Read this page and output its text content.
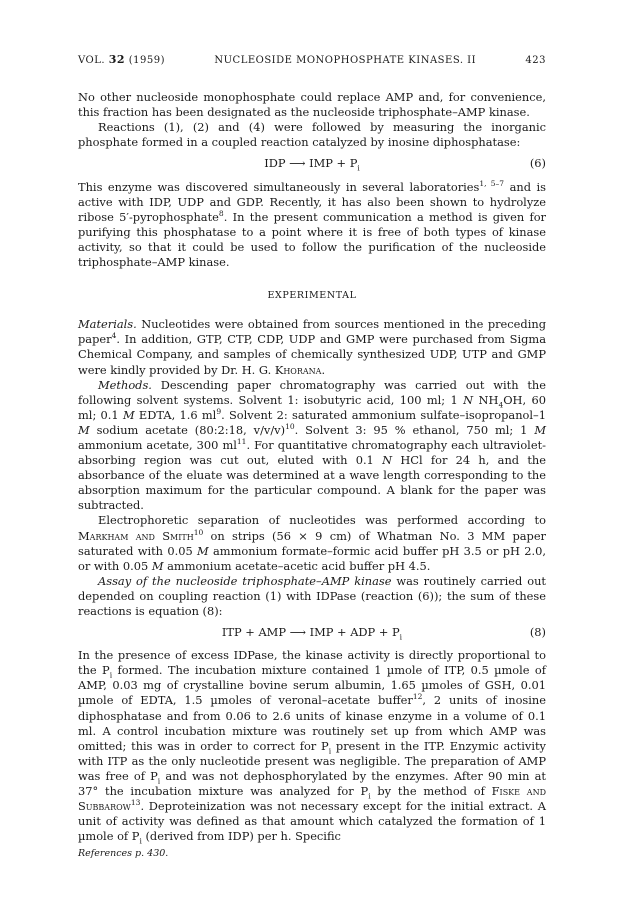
VOL. 32 (1959)	NUCLEOSIDE MONOPHOSPHATE KINASES. II	423

No other nucleoside monophosphate could replace AMP and, for convenience, this fraction has been designated as the nucleoside triphosphate–AMP kinase.

Reactions (1), (2) and (4) were followed by measuring the inorganic phosphate formed in a coupled reaction catalyzed by inosine diphosphatase:

IDP ⟶ IMP + $P_i$	(6)

This enzyme was discovered simultaneously in several laboratories$^{1, 5-7}$ and is active with IDP, UDP and GDP. Recently, it has also been shown to hydrolyze ribose 5′-pyrophosphate$^8$. In the present communication a method is given for purifying this phosphatase to a point where it is free of both types of kinase activity, so that it could be used to follow the purification of the nucleoside triphosphate–AMP kinase.

EXPERIMENTAL

Materials. Nucleotides were obtained from sources mentioned in the preceding paper$^4$. In addition, GTP, CTP, CDP, UDP and GMP were purchased from Sigma Chemical Company, and samples of chemically synthesized UDP, UTP and GMP were kindly provided by Dr. H. G. Khorana.

Methods. Descending paper chromatography was carried out with the following solvent systems. Solvent 1: isobutyric acid, 100 ml; 1 N $NH_4OH$, 60 ml; 0.1 M EDTA, 1.6 $ml^9$. Solvent 2: saturated ammonium sulfate–isopropanol–1 M sodium acetate (80:2:18, v/v/v)$^{10}$. Solvent 3: 95 % ethanol, 750 ml; 1 M ammonium acetate, 300 $ml^{11}$. For quantitative chromatography each ultraviolet-absorbing region was cut out, eluted with 0.1 N HCl for 24 h, and the absorbance of the eluate was determined at a wave length corresponding to the absorption maximum for the particular compound. A blank for the paper was subtracted.

Electrophoretic separation of nucleotides was performed according to Markham and Smith$^{10}$ on strips (56 × 9 cm) of Whatman No. 3 MM paper saturated with 0.05 M ammonium formate–formic acid buffer pH 3.5 or pH 2.0, or with 0.05 M ammonium acetate–acetic acid buffer pH 4.5.

Assay of the nucleoside triphosphate–AMP kinase was routinely carried out depended on coupling reaction (1) with IDPase (reaction (6)); the sum of these reactions is equation (8):

ITP + AMP ⟶ IMP + ADP + $P_i$	(8)

In the presence of excess IDPase, the kinase activity is directly proportional to the $P_i$ formed. The incubation mixture contained 1 µmole of ITP, 0.5 µmole of AMP, 0.03 mg of crystalline bovine serum albumin, 1.65 µmoles of GSH, 0.01 µmole of EDTA, 1.5 µmoles of veronal–acetate buffer$^{12}$, 2 units of inosine diphosphatase and from 0.06 to 2.6 units of kinase enzyme in a volume of 0.1 ml. A control incubation mixture was routinely set up from which AMP was omitted; this was in order to correct for $P_i$ present in the ITP. Enzymic activity with ITP as the only nucleotide present was negligible. The preparation of AMP was free of $P_i$ and was not dephosphorylated by the enzymes. After 90 min at 37° the incubation mixture was analyzed for $P_i$ by the method of Fiske and Subbarow$^{13}$. Deproteinization was not necessary except for the initial extract. A unit of activity was defined as that amount which catalyzed the formation of 1 µmole of $P_i$ (derived from IDP) per h. Specific

References p. 430.
